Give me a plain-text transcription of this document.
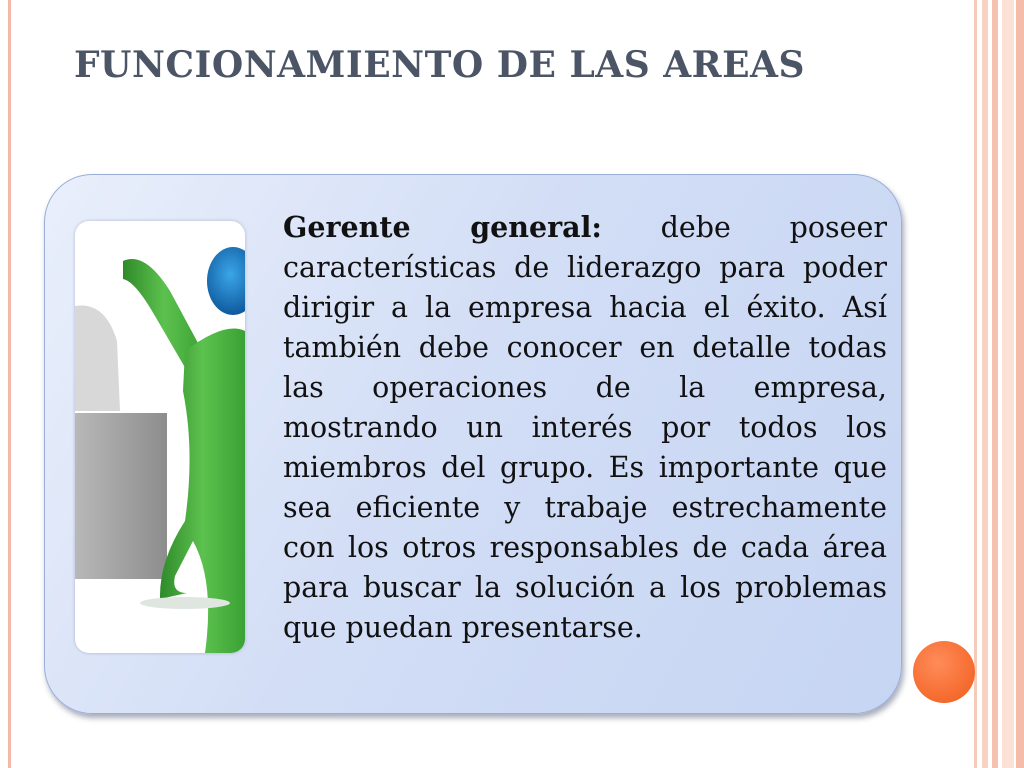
FUNCIONAMIENTO DE LAS AREAS

Gerente general: debe poseer características de liderazgo para poder dirigir a la empresa hacia el éxito. Así también debe conocer en detalle todas las operaciones de la empresa, mostrando un interés por todos los miembros del grupo. Es importante que sea eficiente y trabaje estrechamente con los otros responsables de cada área para buscar la solución a los problemas que puedan presentarse.
